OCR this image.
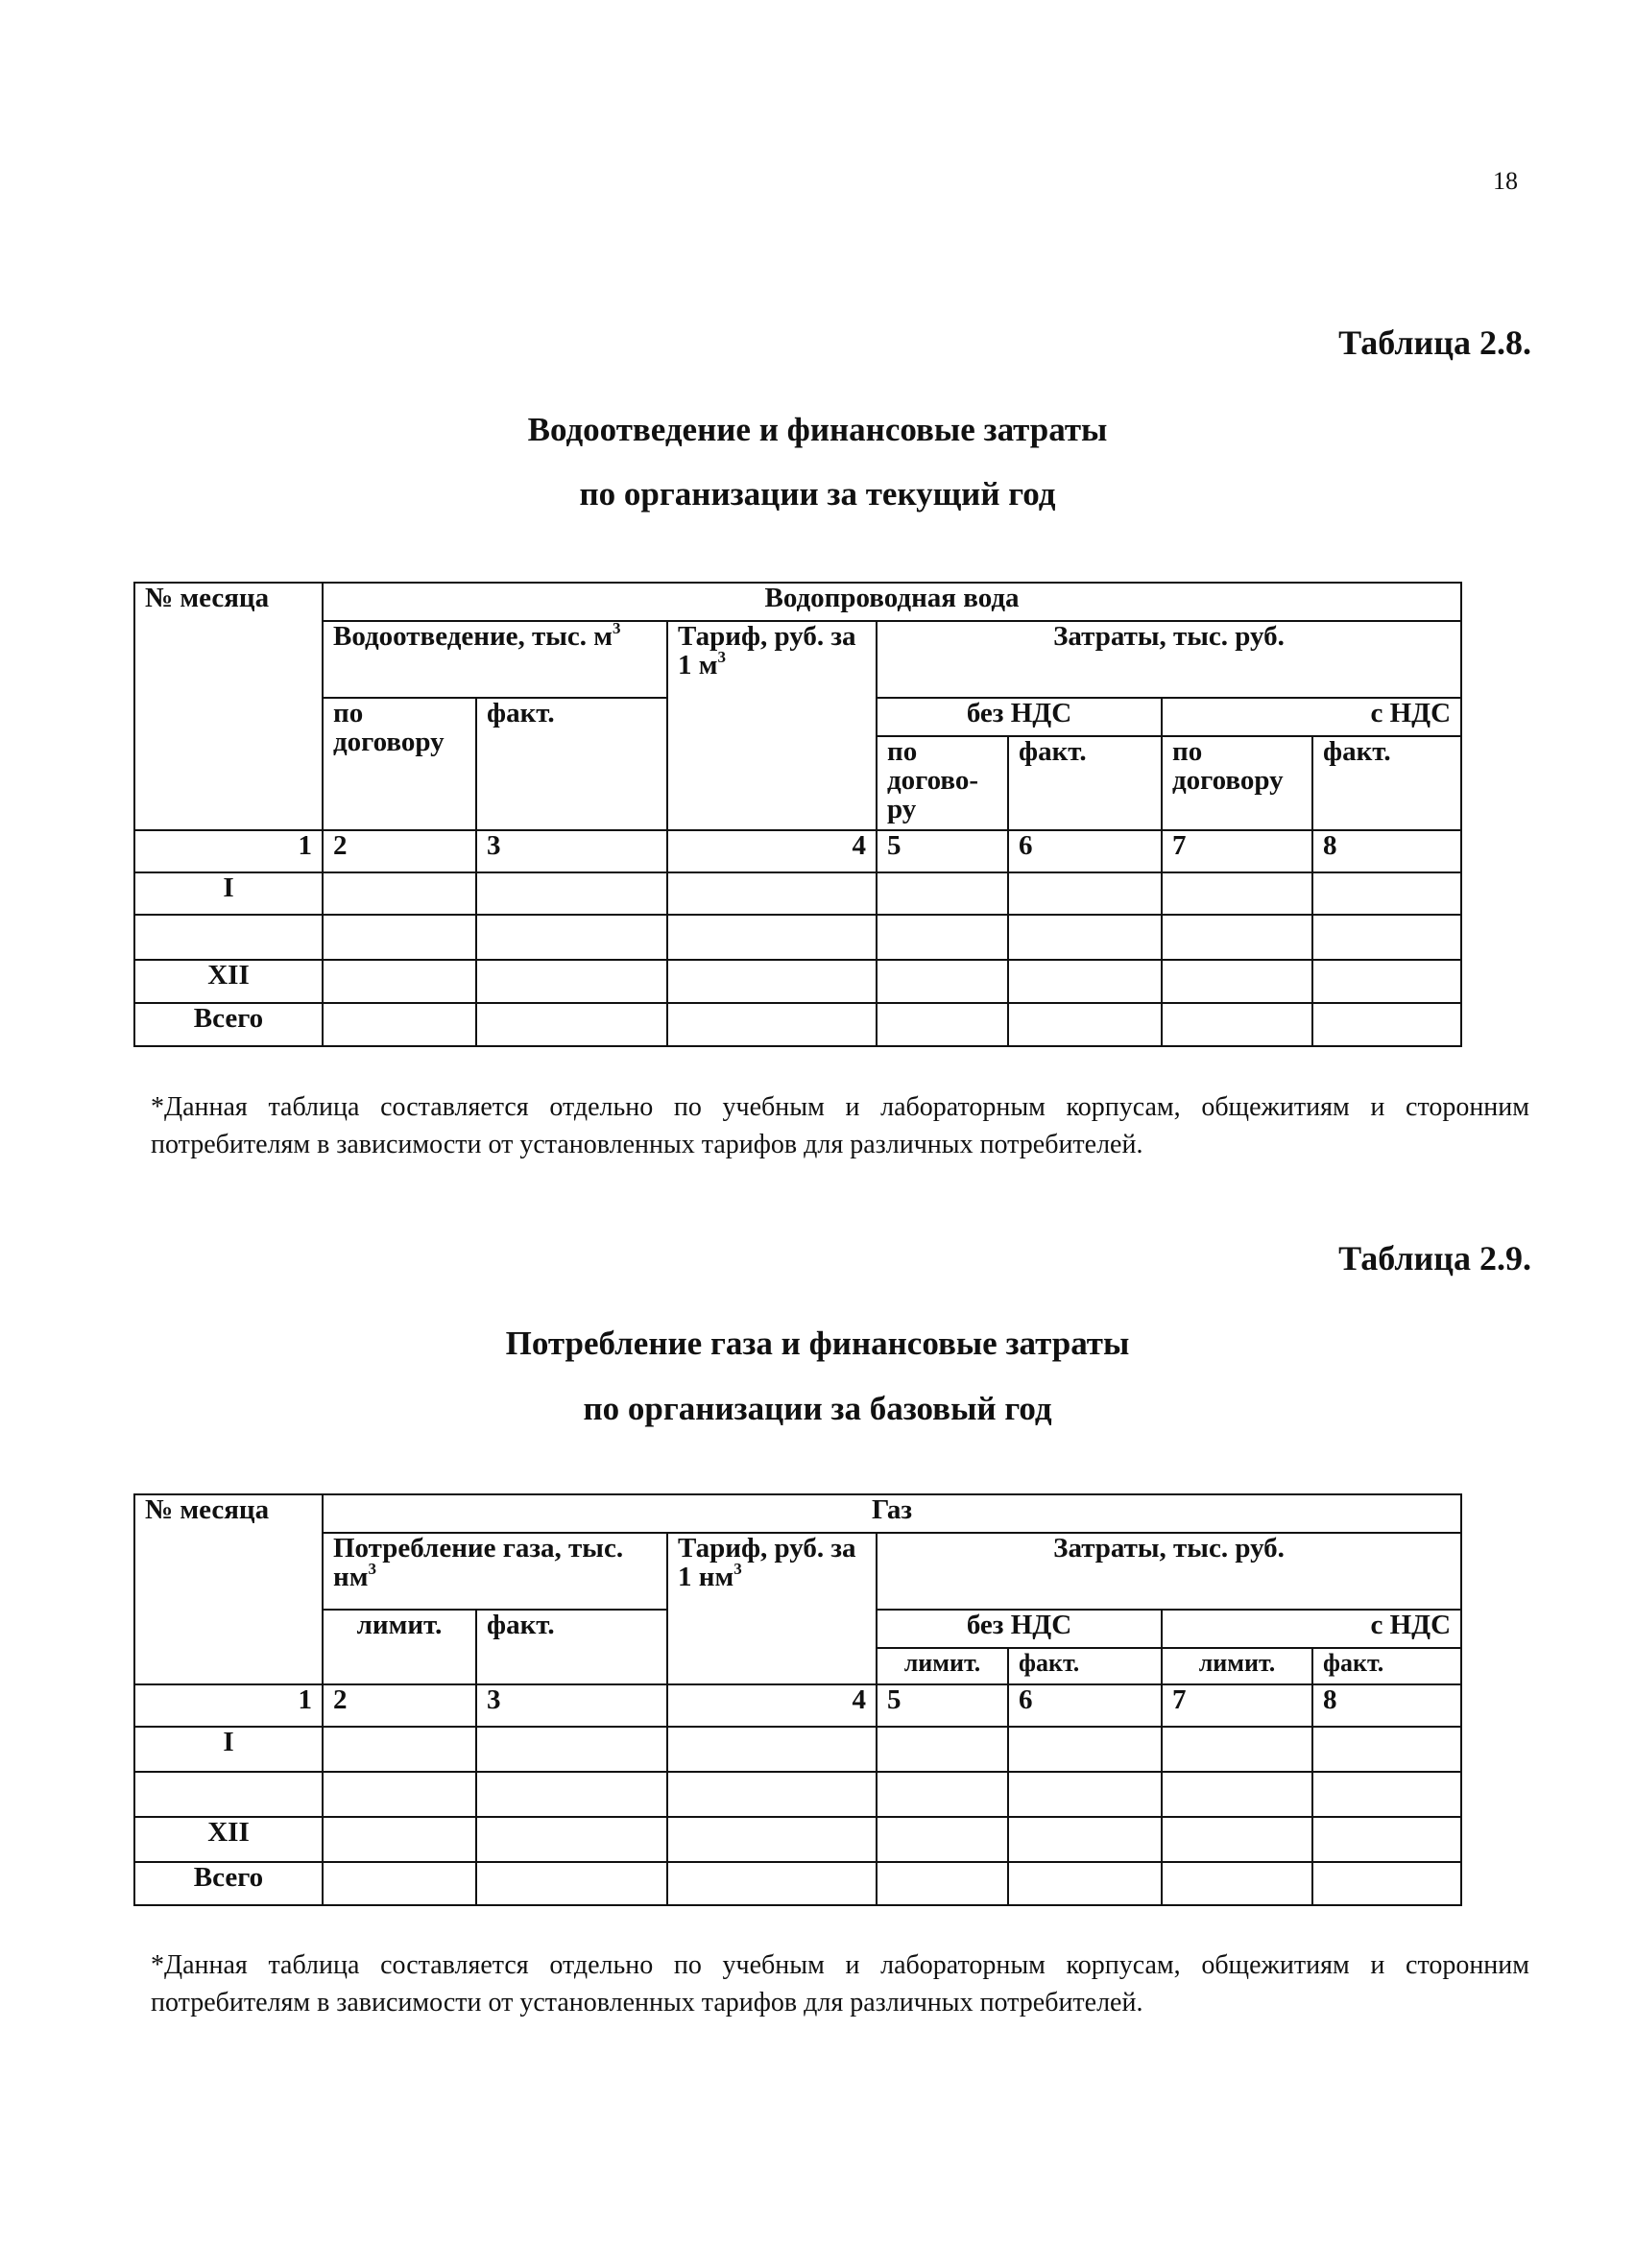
18
Таблица 2.8.
Водоотведение и финансовые затраты
по организации за текущий год
№ месяца	Водопроводная вода						
	Водоотведение, тыс. $м^3$		Тариф, руб. за 1 $м^3$	Затраты, тыс. руб.			
	по договору	факт.		без НДС		с НДС	
				по догово-ру	факт.	по договору	факт.
1	2	3	4	5	6	7	8
I							

XII							
Всего							

*Данная таблица составляется отдельно по учебным и лабораторным корпусам, общежитиям и сторонним потребителям в зависимости от установленных тарифов для различных потребителей.

Таблица 2.9.
Потребление газа и финансовые затраты
по организации за базовый год
№ месяца	Газ						
	Потребление газа, тыс. $нм^3$		Тариф, руб. за 1 $нм^3$	Затраты, тыс. руб.			
	лимит.	факт.		без НДС		с НДС	
				лимит.	факт.	лимит.	факт.
1	2	3	4	5	6	7	8
I							

XII							
Всего							

*Данная таблица составляется отдельно по учебным и лабораторным корпусам, общежитиям и сторонним потребителям в зависимости от установленных тарифов для различных потребителей.
